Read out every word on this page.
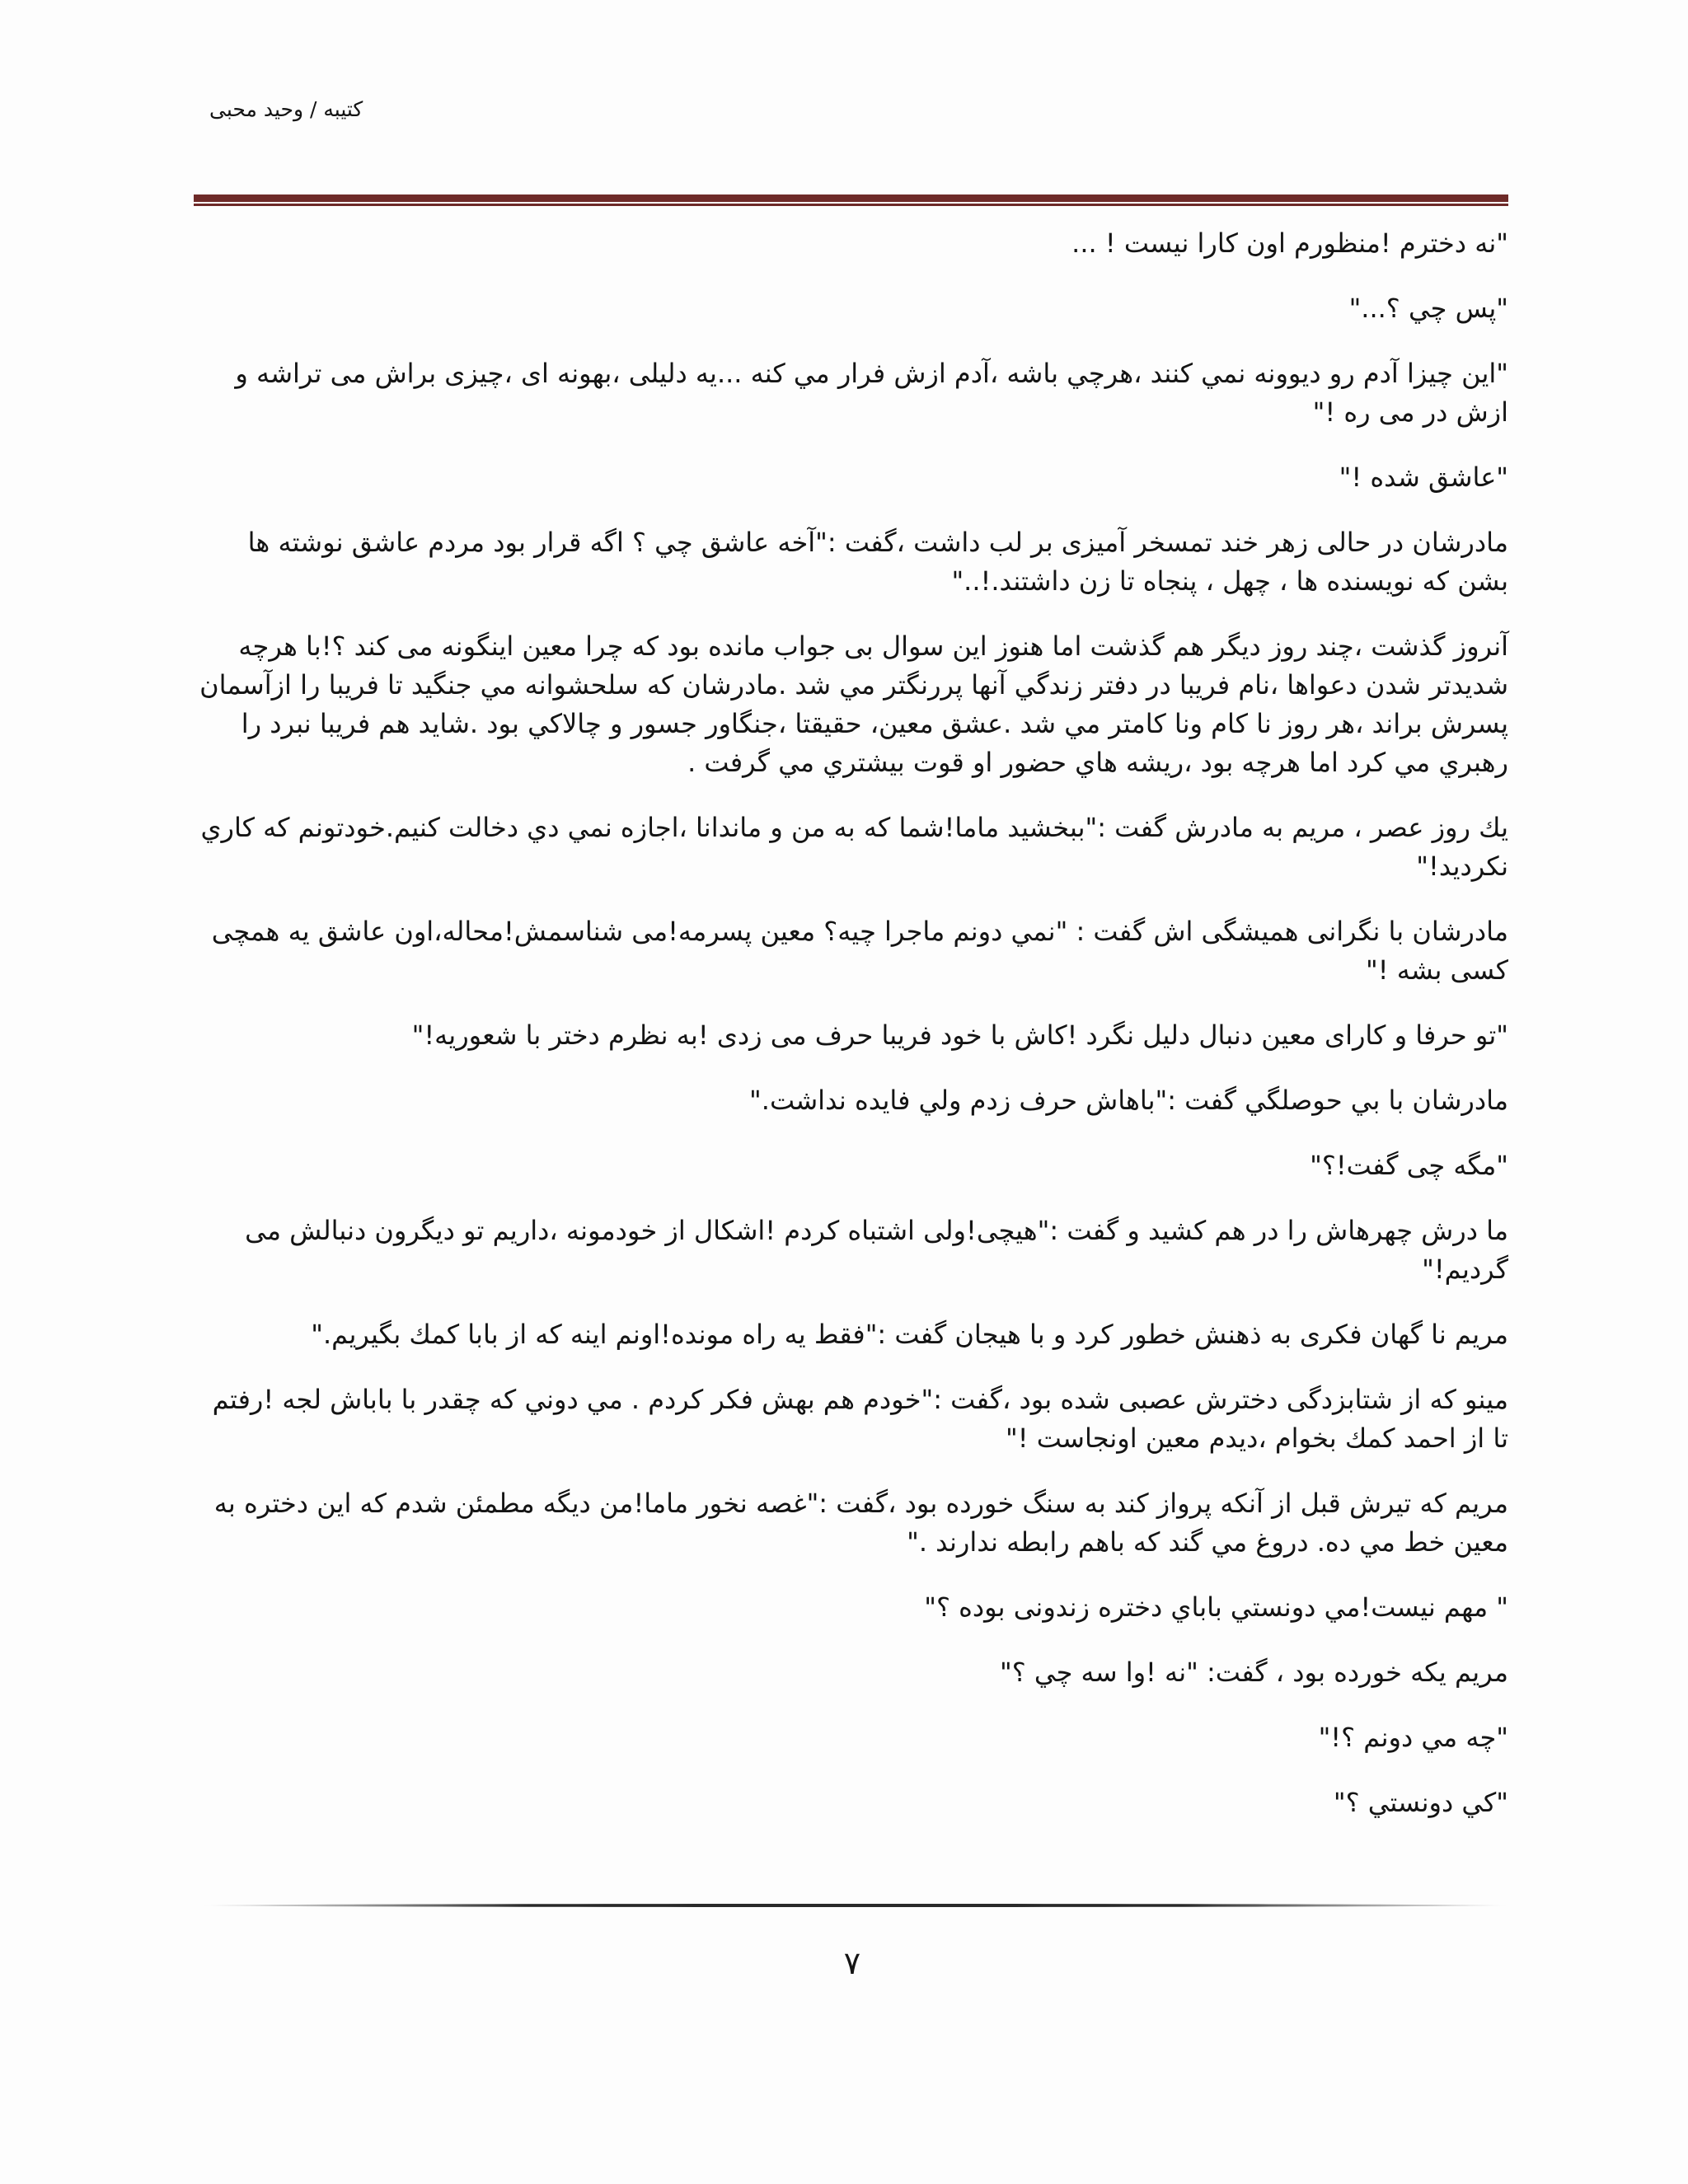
کتیبه / وحید محبی

"نه دخترم !منظورم اون کارا نیست ! ...

"پس چي ؟..."

"این چیزا آدم رو دیوونه نمي کنند ،هرچي باشه ،آدم ازش فرار مي کنه ...یه دلیلی ،بهونه ای ،چیزی براش می تراشه و ازش در می ره !"

"عاشق شده !"

مادرشان در حالی زهر خند تمسخر آمیزی بر لب داشت ،گفت :"آخه عاشق چي ؟ اگه قرار بود مردم عاشق نوشته ها بشن که نویسنده ها ، چهل ، پنجاه تا زن داشتند.!.."

آنروز گذشت ،چند روز دیگر هم گذشت اما هنوز این سوال بی جواب مانده بود که چرا معین اینگونه می کند ؟!با هرچه شدیدتر شدن دعواها ،نام فریبا در دفتر زندگي آنها پررنگتر مي شد .مادرشان که سلحشوانه مي جنگید تا فریبا را ازآسمان پسرش براند ،هر روز نا کام ونا کامتر مي شد .عشق معین، حقیقتا ،جنگاور جسور و چالاکي بود .شاید هم فریبا نبرد را رهبري مي کرد اما هرچه بود ،ریشه هاي حضور او قوت بیشتري مي گرفت .

یك روز عصر ، مریم به مادرش گفت :"ببخشید ماما!شما که به من و ماندانا ،اجازه نمي دي دخالت کنیم.خودتونم که کاري نکردید!"

مادرشان با نگرانی همیشگی اش گفت : "نمي دونم ماجرا چیه؟ معین پسرمه!می شناسمش!محاله،اون عاشق یه همچی کسی بشه !"

"تو حرفا و کارای معین دنبال دلیل نگرد !کاش با خود فریبا حرف می زدی !به نظرم دختر با شعوریه!"

مادرشان با بي حوصلگي گفت :"باهاش حرف زدم ولي فایده نداشت."

"مگه چی گفت!؟"

ما درش چهرهاش را در هم کشید و گفت :"هیچی!ولی اشتباه کردم !اشکال از خودمونه ،داریم تو دیگرون دنبالش می گردیم!"

مریم نا گهان فکری به ذهنش خطور کرد و با هیجان گفت :"فقط یه راه مونده!اونم اینه که از بابا کمك بگیریم."

مینو که از شتابزدگی دخترش عصبی شده بود ،گفت :"خودم هم بهش فکر کردم . مي دوني که چقدر با باباش لجه !رفتم تا از احمد کمك بخوام ،دیدم معین اونجاست !"

مریم که تیرش قبل از آنکه پرواز کند به سنگ خورده بود ،گفت :"غصه نخور ماما!من دیگه مطمئن شدم که این دختره به معین خط مي ده. دروغ مي گند که باهم رابطه ندارند ."

" مهم نیست!مي دونستي باباي دختره زندونی بوده ؟"

مریم یکه خورده بود ، گفت: "نه !وا سه چي ؟"

"چه مي دونم ؟!"

"کي دونستي ؟"

۷
